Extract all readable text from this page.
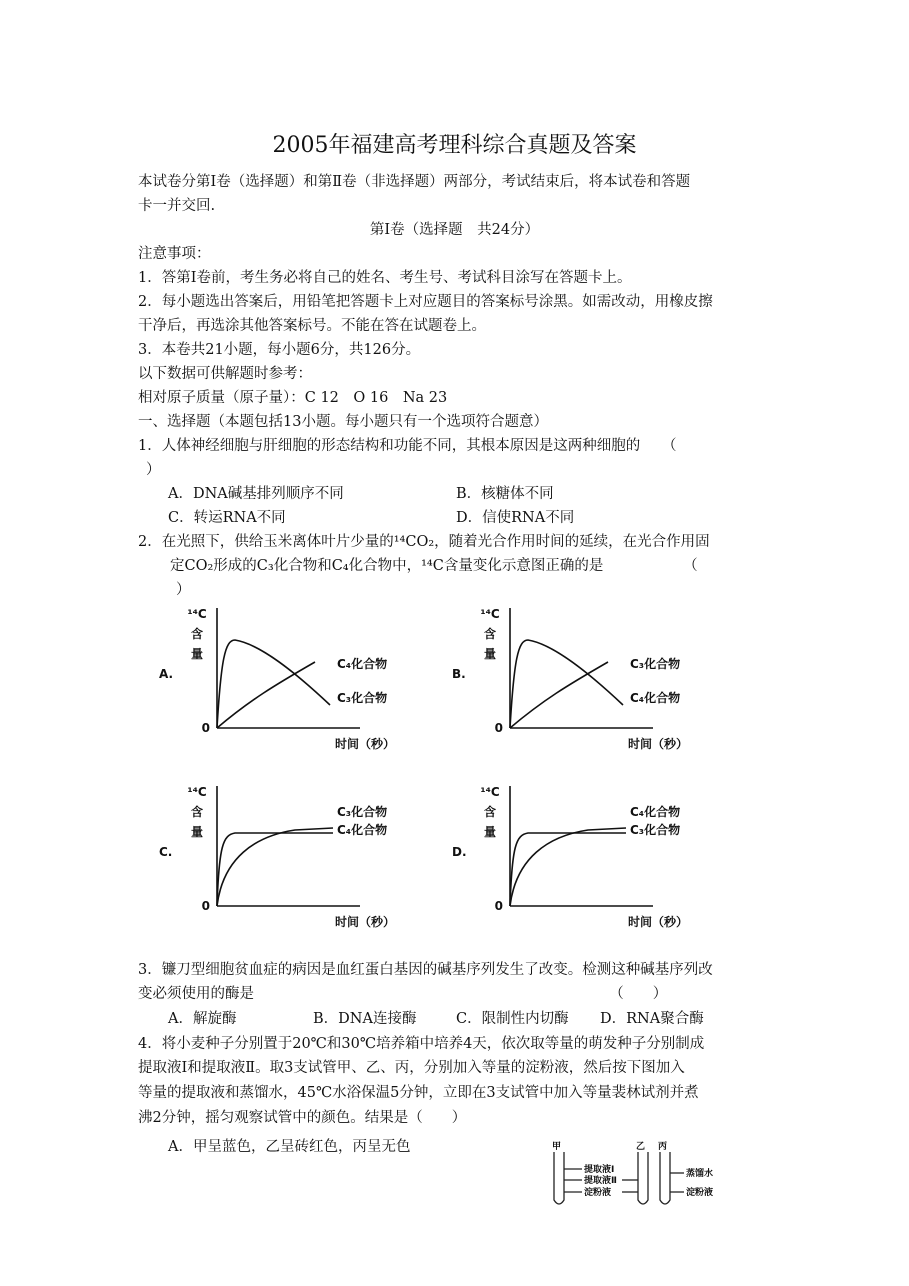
2005年福建高考理科综合真题及答案
本试卷分第Ⅰ卷（选择题）和第Ⅱ卷（非选择题）两部分，考试结束后，将本试卷和答题
卡一并交回.
第Ⅰ卷（选择题　共24分）
注意事项：
1．答第Ⅰ卷前，考生务必将自己的姓名、考生号、考试科目涂写在答题卡上。
2．每小题选出答案后，用铅笔把答题卡上对应题目的答案标号涂黑。如需改动，用橡皮擦
干净后，再选涂其他答案标号。不能在答在试题卷上。
3．本卷共21小题，每小题6分，共126分。
以下数据可供解题时参考：
相对原子质量（原子量）：C 12　O 16　Na 23
一、选择题（本题包括13小题。每小题只有一个选项符合题意）
1．人体神经细胞与肝细胞的形态结构和功能不同，其根本原因是这两种细胞的　　（
）
A．DNA碱基排列顺序不同	B．核糖体不同
C．转运RNA不同	D．信使RNA不同
2．在光照下，供给玉米离体叶片少量的¹⁴CO₂，随着光合作用时间的延续，在光合作用固
定CO₂形成的C₃化合物和C₄化合物中，¹⁴C含量变化示意图正确的是　　　　　　（
）
¹⁴C
含
量
0
时间（秒）
A.
C₄化合物
C₃化合物
¹⁴C
含
量
0
时间（秒）
B.
C₃化合物
C₄化合物
¹⁴C
含
量
0
时间（秒）
C.
C₃化合物
C₄化合物
¹⁴C
含
量
0
时间（秒）
D.
C₄化合物
C₃化合物
3．镰刀型细胞贫血症的病因是血红蛋白基因的碱基序列发生了改变。检测这种碱基序列改
变必须使用的酶是　　　　　　　　　　　　　　　　　　　　　　　　　（　　）
A．解旋酶	B．DNA连接酶	C．限制性内切酶 D．RNA聚合酶
4．将小麦种子分别置于20℃和30℃培养箱中培养4天，依次取等量的萌发种子分别制成
提取液Ⅰ和提取液Ⅱ。取3支试管甲、乙、丙，分别加入等量的淀粉液，然后按下图加入
等量的提取液和蒸馏水，45℃水浴保温5分钟，立即在3支试管中加入等量裴林试剂并煮
沸2分钟，摇匀观察试管中的颜色。结果是（　　）
A．甲呈蓝色，乙呈砖红色，丙呈无色	甲	乙 丙
提取液Ⅰ
提取液Ⅱ
淀粉液
蒸馏水
淀粉液
